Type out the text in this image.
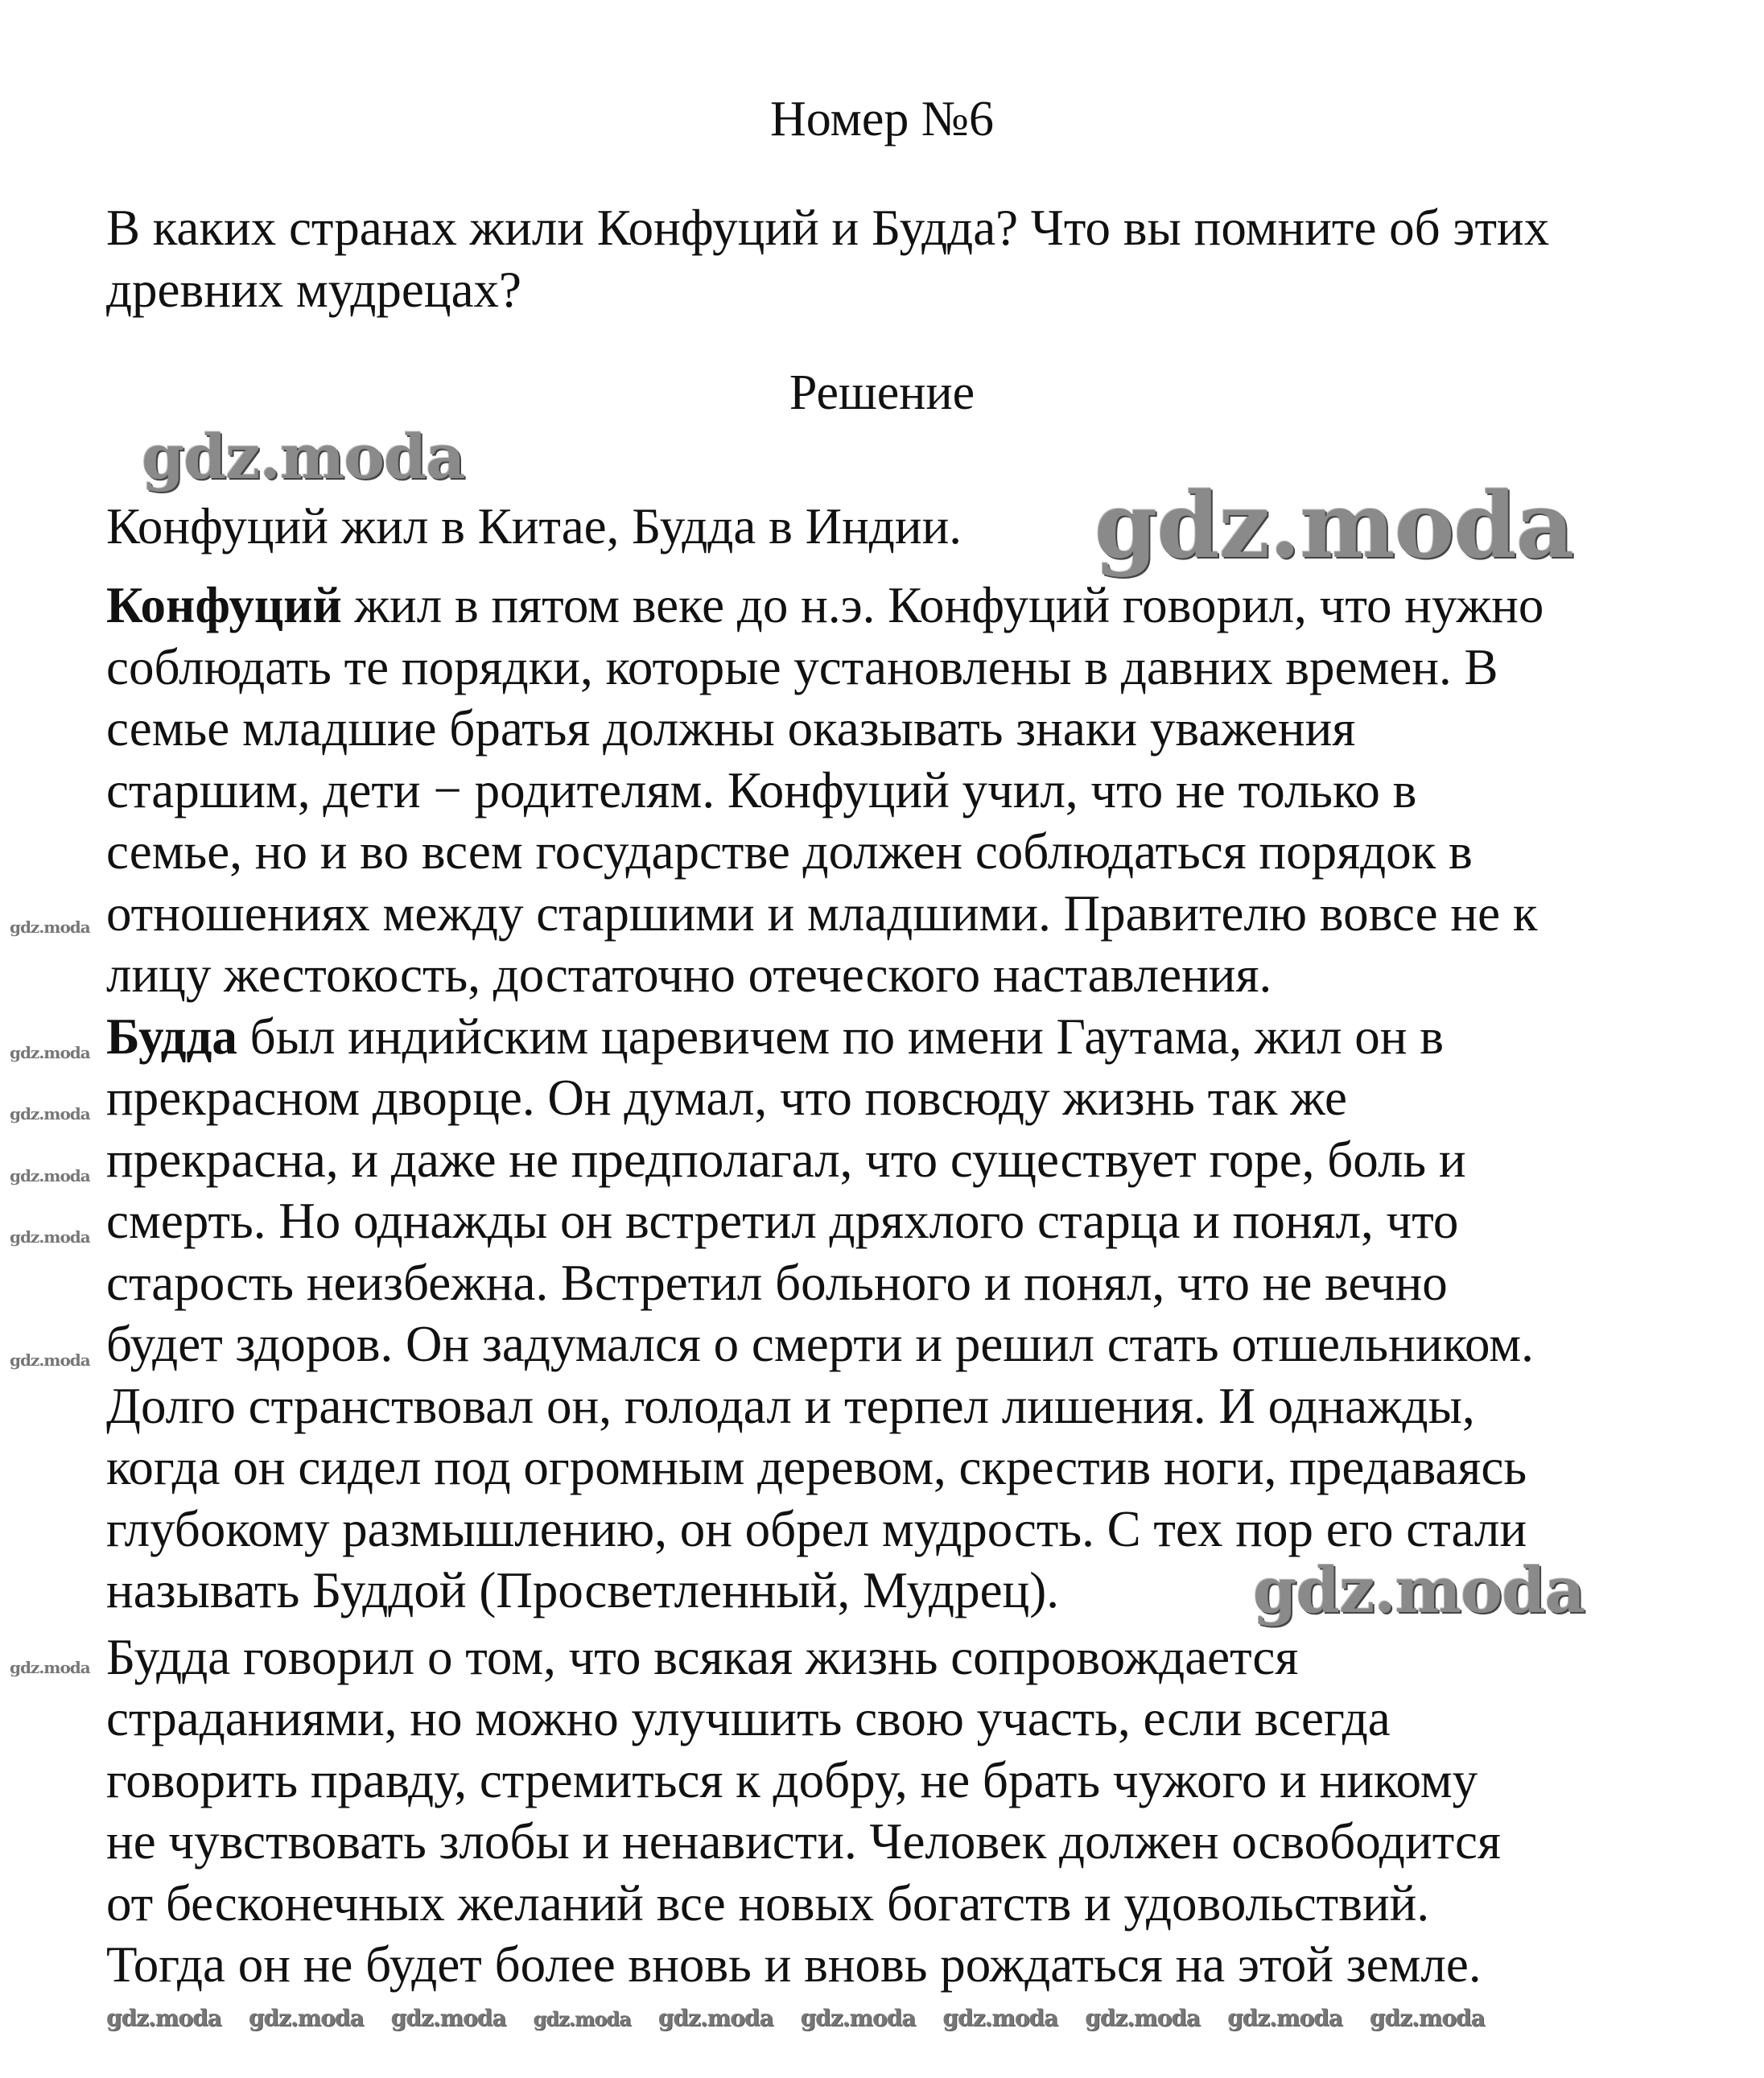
Номер №6
В каких странах жили Конфуций и Будда? Что вы помните об этих
древних мудрецах?
Решение
Конфуций жил в Китае, Будда в Индии.
Конфуций жил в пятом веке до н.э. Конфуций говорил, что нужно
соблюдать те порядки, которые установлены в давних времен. В
семье младшие братья должны оказывать знаки уважения
старшим, дети − родителям. Конфуций учил, что не только в
семье, но и во всем государстве должен соблюдаться порядок в
отношениях между старшими и младшими. Правителю вовсе не к
лицу жестокость, достаточно отеческого наставления.
Будда был индийским царевичем по имени Гаутама, жил он в
прекрасном дворце. Он думал, что повсюду жизнь так же
прекрасна, и даже не предполагал, что существует горе, боль и
смерть. Но однажды он встретил дряхлого старца и понял, что
старость неизбежна. Встретил больного и понял, что не вечно
будет здоров. Он задумался о смерти и решил стать отшельником.
Долго странствовал он, голодал и терпел лишения. И однажды,
когда он сидел под огромным деревом, скрестив ноги, предаваясь
глубокому размышлению, он обрел мудрость. С тех пор его стали
называть Буддой (Просветленный, Мудрец).
Будда говорил о том, что всякая жизнь сопровождается
страданиями, но можно улучшить свою участь, если всегда
говорить правду, стремиться к добру, не брать чужого и никому
не чувствовать злобы и ненависти. Человек должен освободится
от бесконечных желаний все новых богатств и удовольствий.
Тогда он не будет более вновь и вновь рождаться на этой земле.
gdz.moda
gdz.moda
gdz.moda
gdz.moda
gdz.moda
gdz.moda
gdz.moda
gdz.moda
gdz.moda
gdz.moda
gdz.moda gdz.moda gdz.moda gdz.moda gdz.moda gdz.moda gdz.moda gdz.moda gdz.moda gdz.moda
